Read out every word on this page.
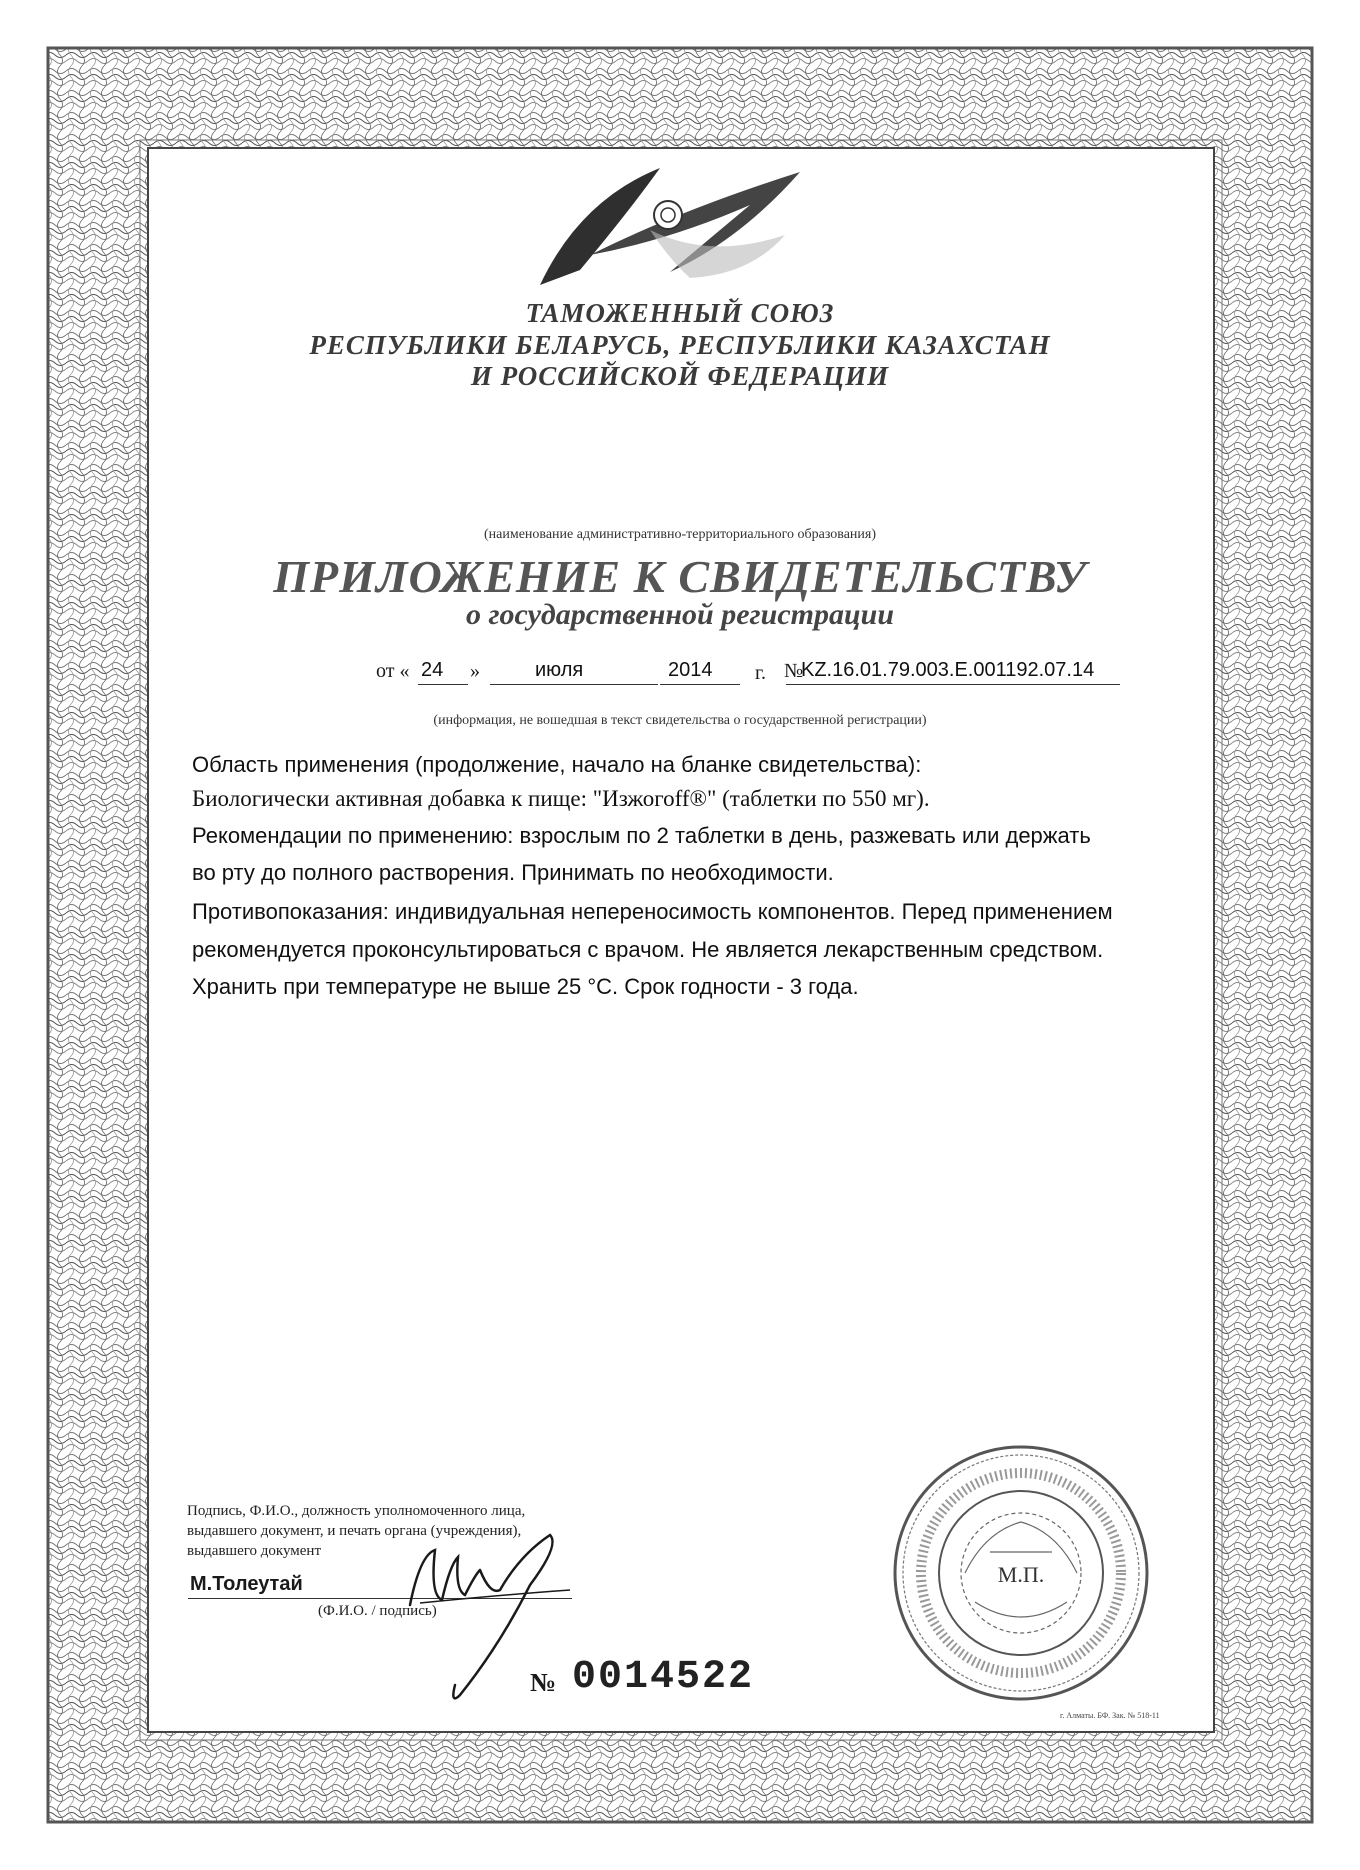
ТАМОЖЕННЫЙ СОЮЗ
РЕСПУБЛИКИ БЕЛАРУСЬ, РЕСПУБЛИКИ КАЗАХСТАН
И РОССИЙСКОЙ ФЕДЕРАЦИИ
(наименование административно-территориального образования)
ПРИЛОЖЕНИЕ К СВИДЕТЕЛЬСТВУ
о государственной регистрации
от « 24 »	июля	2014 г. №
KZ.16.01.79.003.E.001192.07.14
(информация, не вошедшая в текст свидетельства о государственной регистрации)
Область применения (продолжение, начало на бланке свидетельства):
Биологически активная добавка к пище: "Изжогоff®" (таблетки по 550 мг).
Рекомендации по применению: взрослым по 2 таблетки в день, разжевать или держать
во рту до полного растворения. Принимать по необходимости.
Противопоказания: индивидуальная непереносимость компонентов. Перед применением
рекомендуется проконсультироваться с врачом. Не является лекарственным средством.
Хранить при температуре не выше 25 °С. Срок годности - 3 года.
Подпись, Ф.И.О., должность уполномоченного лица,
выдавшего документ, и печать органа (учреждения),
выдавшего документ
М.Толеутай
(Ф.И.О. / подпись)
№ 0014522
М.П.
г. Алматы. БФ. Зак. № 518-11
